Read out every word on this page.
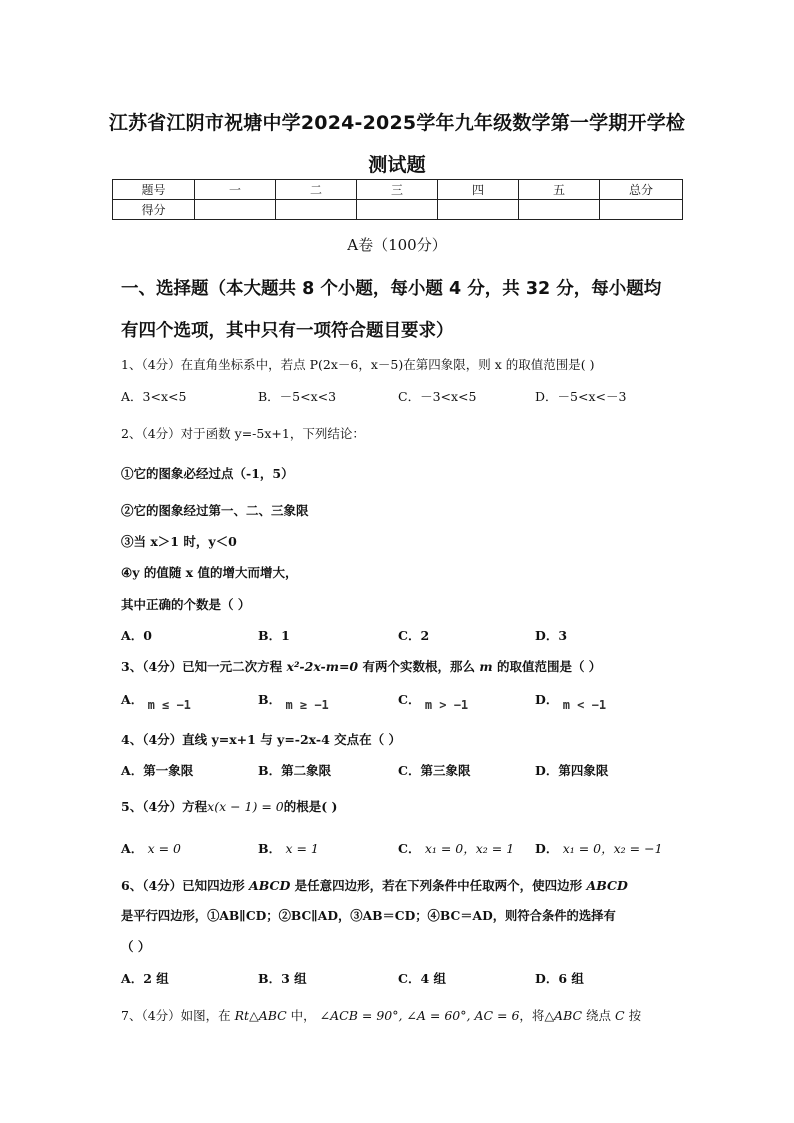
江苏省江阴市祝塘中学2024-2025学年九年级数学第一学期开学检
测试题
题号	一	二	三	四	五	总分
得分						
A卷（100分）
一、选择题（本大题共 8 个小题，每小题 4 分，共 32 分，每小题均
有四个选项，其中只有一项符合题目要求）
1、（4分）在直角坐标系中，若点 P(2x－6，x－5)在第四象限，则 x 的取值范围是( )
A．3<x<5	B．－5<x<3	C．－3<x<5	D．－5<x<－3
2、（4分）对于函数 y=-5x+1，下列结论：
①它的图象必经过点（-1，5）
②它的图象经过第一、二、三象限
③当 x＞1 时，y＜0
④y 的值随 x 值的增大而增大，
其中正确的个数是（ ）
A．0	B．1	C．2	D．3
3、（4分）已知一元二次方程 x²-2x-m=0 有两个实数根，那么 m 的取值范围是（ ）
A． m ≤ −1	B． m ≥ −1	C． m > −1	D． m < −1
4、（4分）直线 y=x+1 与 y=-2x-4 交点在（ ）
A．第一象限	B．第二象限	C．第三象限	D．第四象限
5、（4分）方程x(x − 1) = 0的根是( )
A． x = 0	B． x = 1	C． x₁ = 0，x₂ = 1 D． x₁ = 0，x₂ = −1
6、（4分）已知四边形 ABCD 是任意四边形，若在下列条件中任取两个，使四边形 ABCD
是平行四边形，①AB∥CD；②BC∥AD，③AB＝CD；④BC＝AD，则符合条件的选择有
（ ）
A．2 组	B．3 组	C．4 组	D．6 组
7、（4分）如图，在 Rt△ABC 中， ∠ACB = 90°, ∠A = 60°, AC = 6，将△ABC 绕点 C 按
